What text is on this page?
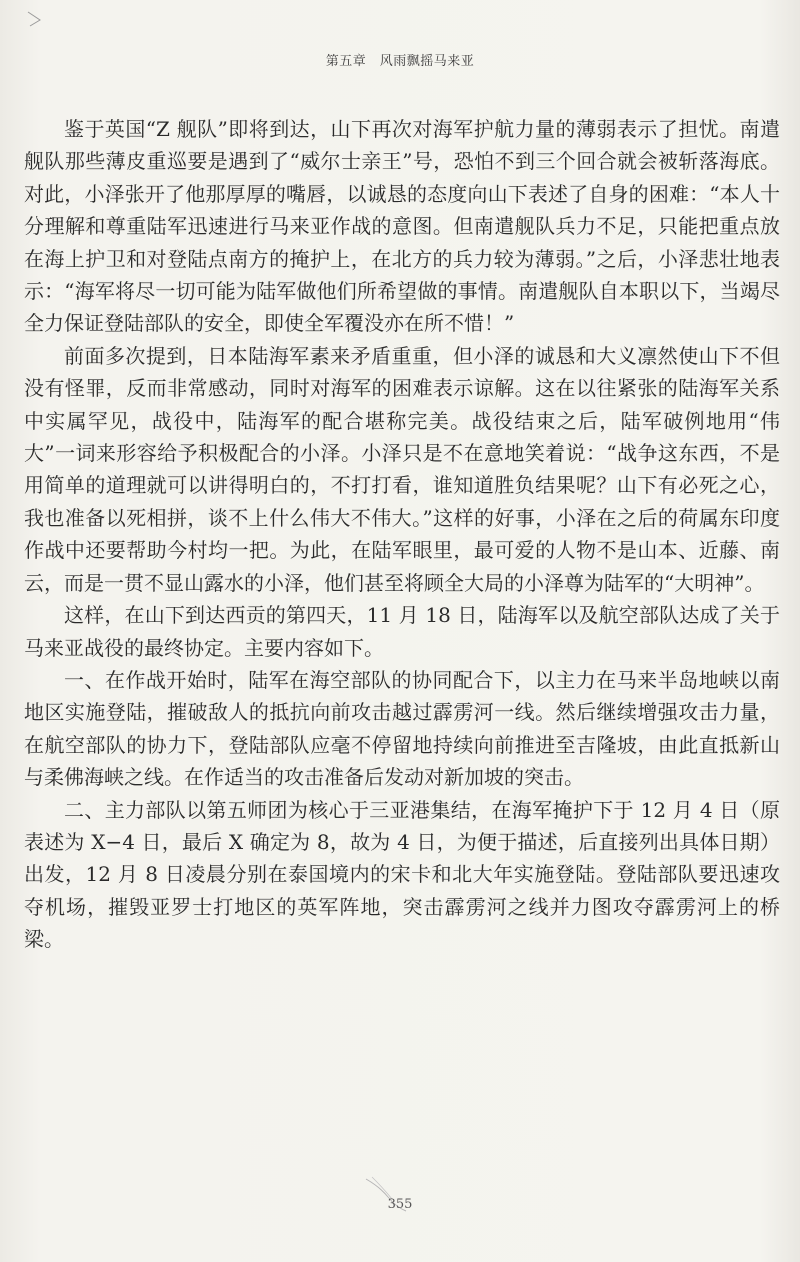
第五章　风雨飘摇马来亚

鉴于英国“Z 舰队”即将到达，山下再次对海军护航力量的薄弱表示了担忧。南遣舰队那些薄皮重巡要是遇到了“威尔士亲王”号，恐怕不到三个回合就会被斩落海底。对此，小泽张开了他那厚厚的嘴唇，以诚恳的态度向山下表述了自身的困难：“本人十分理解和尊重陆军迅速进行马来亚作战的意图。但南遣舰队兵力不足，只能把重点放在海上护卫和对登陆点南方的掩护上，在北方的兵力较为薄弱。”之后，小泽悲壮地表示：“海军将尽一切可能为陆军做他们所希望做的事情。南遣舰队自本职以下，当竭尽全力保证登陆部队的安全，即使全军覆没亦在所不惜！”

前面多次提到，日本陆海军素来矛盾重重，但小泽的诚恳和大义凛然使山下不但没有怪罪，反而非常感动，同时对海军的困难表示谅解。这在以往紧张的陆海军关系中实属罕见，战役中，陆海军的配合堪称完美。战役结束之后，陆军破例地用“伟大”一词来形容给予积极配合的小泽。小泽只是不在意地笑着说：“战争这东西，不是用简单的道理就可以讲得明白的，不打打看，谁知道胜负结果呢？山下有必死之心，我也准备以死相拼，谈不上什么伟大不伟大。”这样的好事，小泽在之后的荷属东印度作战中还要帮助今村均一把。为此，在陆军眼里，最可爱的人物不是山本、近藤、南云，而是一贯不显山露水的小泽，他们甚至将顾全大局的小泽尊为陆军的“大明神”。

这样，在山下到达西贡的第四天，11 月 18 日，陆海军以及航空部队达成了关于马来亚战役的最终协定。主要内容如下。

一、在作战开始时，陆军在海空部队的协同配合下，以主力在马来半岛地峡以南地区实施登陆，摧破敌人的抵抗向前攻击越过霹雳河一线。然后继续增强攻击力量，在航空部队的协力下，登陆部队应毫不停留地持续向前推进至吉隆坡，由此直抵新山与柔佛海峡之线。在作适当的攻击准备后发动对新加坡的突击。

二、主力部队以第五师团为核心于三亚港集结，在海军掩护下于 12 月 4 日（原表述为 X−4 日，最后 X 确定为 8，故为 4 日，为便于描述，后直接列出具体日期）出发，12 月 8 日凌晨分别在泰国境内的宋卡和北大年实施登陆。登陆部队要迅速攻夺机场，摧毁亚罗士打地区的英军阵地，突击霹雳河之线并力图攻夺霹雳河上的桥梁。

355
